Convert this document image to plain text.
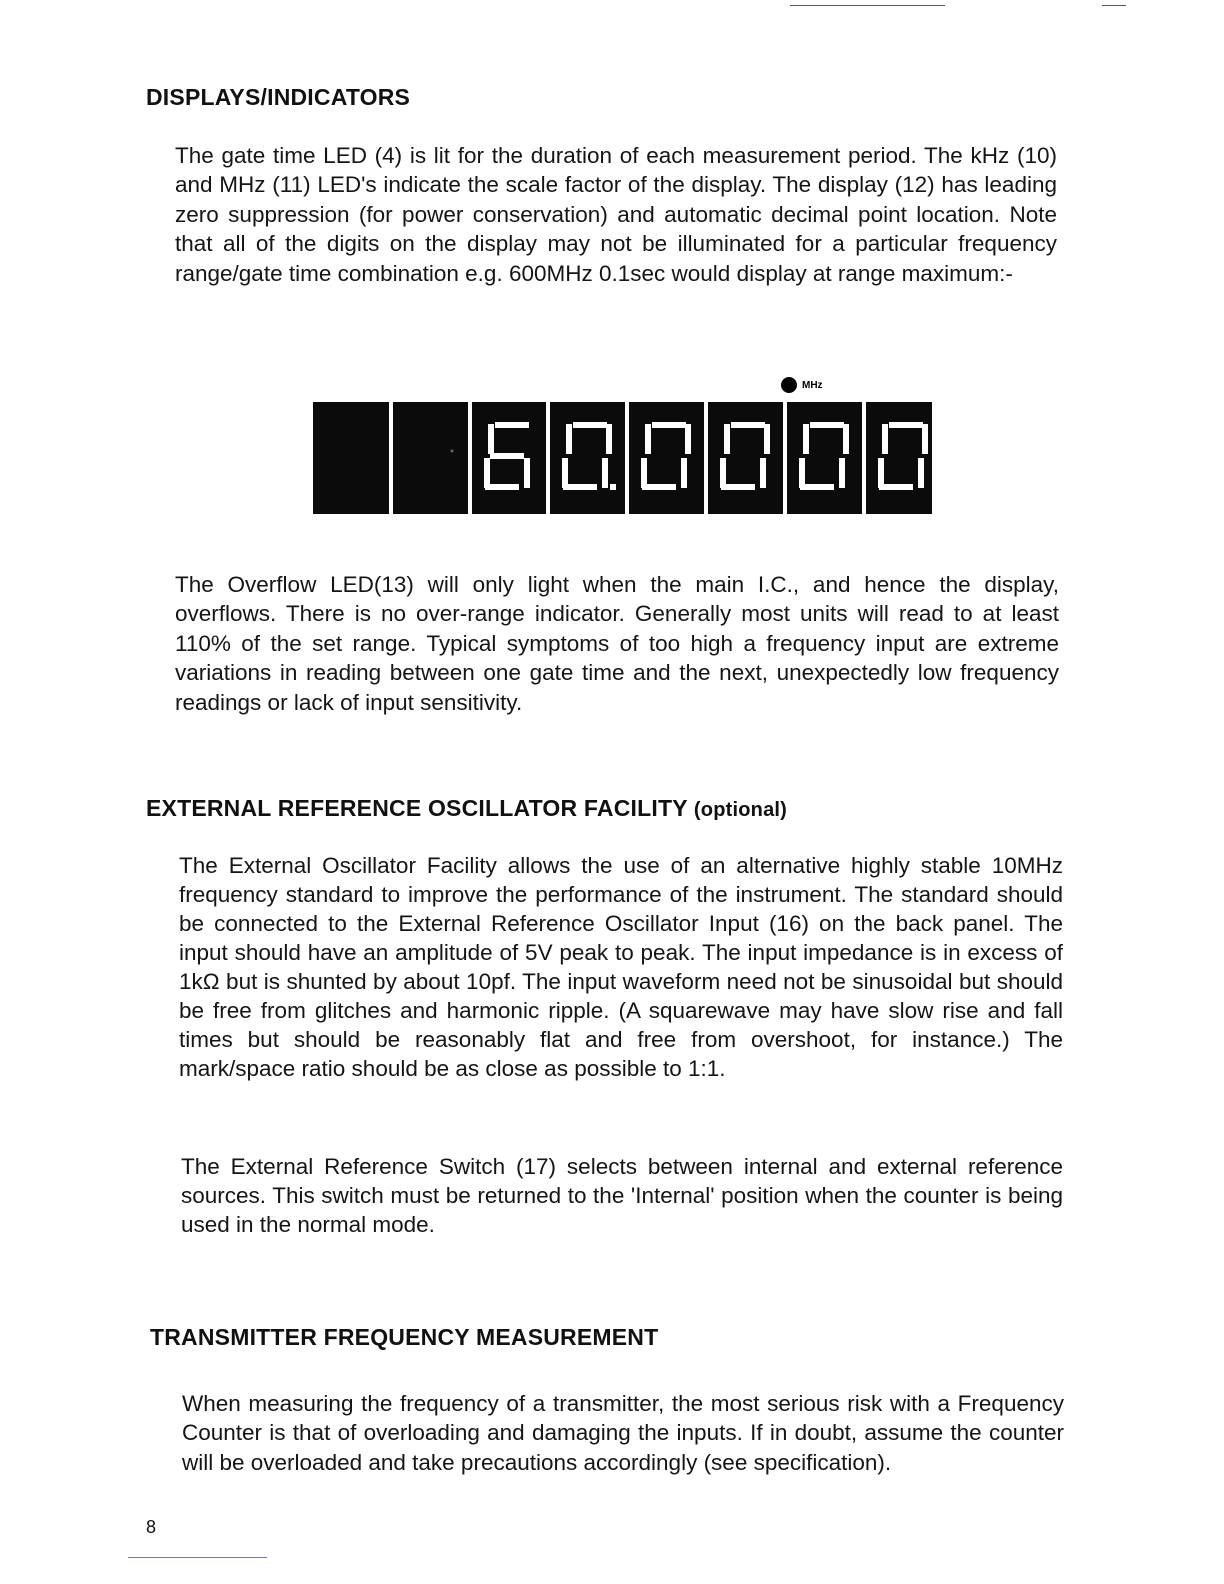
DISPLAYS/INDICATORS

The gate time LED (4) is lit for the duration of each measurement period. The kHz (10) and MHz (11) LED's indicate the scale factor of the display. The display (12) has leading zero suppression (for power conservation) and automatic decimal point location. Note that all of the digits on the display may not be illuminated for a particular frequency range/gate time combination e.g. 600MHz 0.1sec would display at range maximum:-

MHz

The Overflow LED(13) will only light when the main I.C., and hence the display, overflows. There is no over-range indicator. Generally most units will read to at least 110% of the set range. Typical symptoms of too high a frequency input are extreme variations in reading between one gate time and the next, unexpectedly low frequency readings or lack of input sensitivity.

EXTERNAL REFERENCE OSCILLATOR FACILITY (optional)

The External Oscillator Facility allows the use of an alternative highly stable 10MHz frequency standard to improve the performance of the instrument. The standard should be connected to the External Reference Oscillator Input (16) on the back panel. The input should have an amplitude of 5V peak to peak. The input impedance is in excess of 1kΩ but is shunted by about 10pf. The input waveform need not be sinusoidal but should be free from glitches and harmonic ripple. (A squarewave may have slow rise and fall times but should be reasonably flat and free from overshoot, for instance.) The mark/space ratio should be as close as possible to 1:1.

The External Reference Switch (17) selects between internal and external reference sources. This switch must be returned to the 'Internal' position when the counter is being used in the normal mode.

TRANSMITTER FREQUENCY MEASUREMENT

When measuring the frequency of a transmitter, the most serious risk with a Frequency Counter is that of overloading and damaging the inputs. If in doubt, assume the counter will be overloaded and take precautions accordingly (see specification).

8
